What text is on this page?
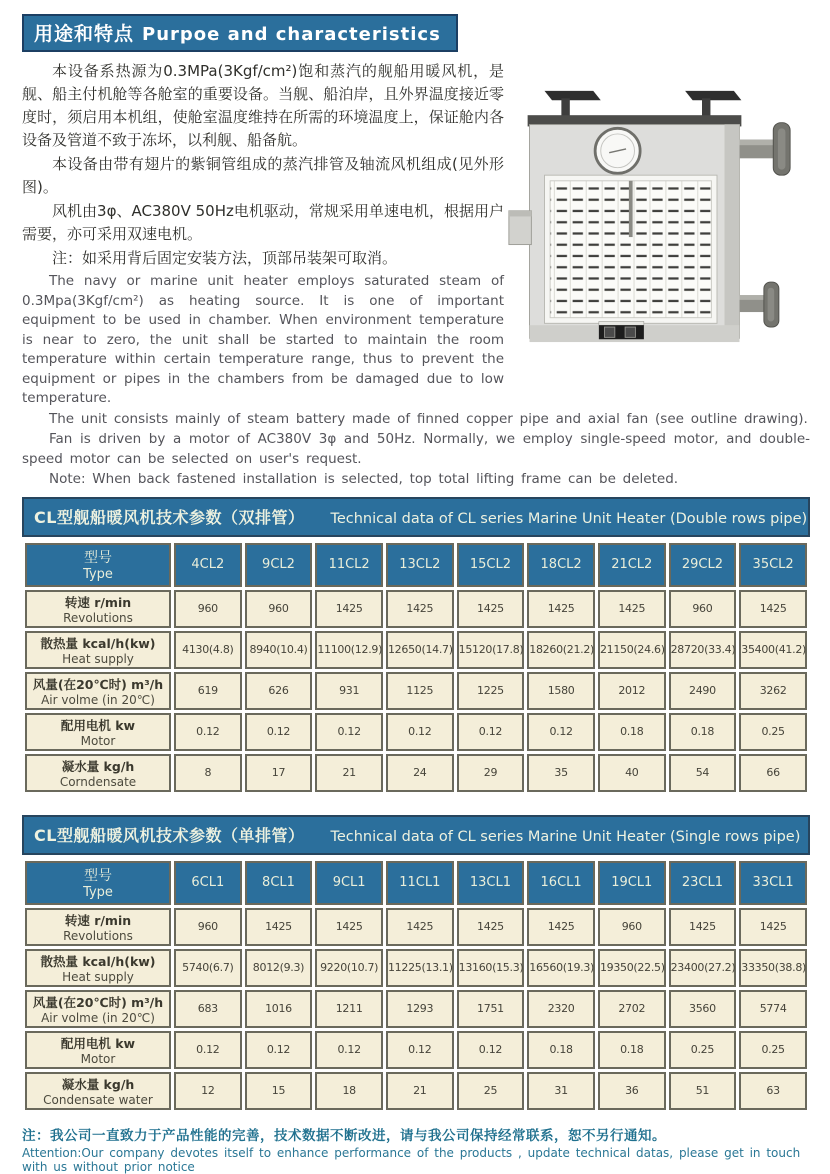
用途和特点 Purpoe and characteristics

本设备系热源为0.3MPa(3Kgf/cm²)饱和蒸汽的舰船用暖风机，是舰、船主付机舱等各舱室的重要设备。当舰、船泊岸，且外界温度接近零度时，须启用本机组，使舱室温度维持在所需的环境温度上，保证舱内各设备及管道不致于冻坏，以利舰、船备航。

本设备由带有翅片的紫铜管组成的蒸汽排管及轴流风机组成(见外形图)。

风机由3φ、AC380V 50Hz电机驱动，常规采用单速电机，根据用户需要，亦可采用双速电机。

注：如采用背后固定安装方法，顶部吊装架可取消。

The navy or marine unit heater employs saturated steam of 0.3Mpa(3Kgf/cm²) as heating source. It is one of important equipment to be used in chamber. When environment temperature is near to zero, the unit shall be started to maintain the room temperature within certain temperature range, thus to prevent the equipment or pipes in the chambers from be damaged due to low temperature.

The unit consists mainly of steam battery made of finned copper pipe and axial fan (see outline drawing).

Fan is driven by a motor of AC380V 3φ and 50Hz. Normally, we employ single-speed motor, and double-speed motor can be selected on user's request.

Note: When back fastened installation is selected, top total lifting frame can be deleted.

CL型舰船暖风机技术参数（双排管） Technical data of CL series Marine Unit Heater (Double rows pipe)
型号
Type	4CL2	9CL2	11CL2	13CL2	15CL2	18CL2	21CL2	29CL2	35CL2

转速 r/min
Revolutions	960	960	1425	1425	1425	1425	1425	960	1425

散热量 kcal/h(kw)
Heat supply	4130(4.8)	8940(10.4)	11100(12.9)	12650(14.7)	15120(17.8)	18260(21.2)	21150(24.6)	28720(33.4)	35400(41.2)

风量(在20℃时) m³/h
Air volme (in 20℃)	619	626	931	1125	1225	1580	2012	2490	3262

配用电机 kw
Motor	0.12	0.12	0.12	0.12	0.12	0.12	0.18	0.18	0.25

凝水量 kg/h
Corndensate	8	17	21	24	29	35	40	54	66
CL型舰船暖风机技术参数（单排管） Technical data of CL series Marine Unit Heater (Single rows pipe)
型号
Type	6CL1	8CL1	9CL1	11CL1	13CL1	16CL1	19CL1	23CL1	33CL1

转速 r/min
Revolutions	960	1425	1425	1425	1425	1425	960	1425	1425

散热量 kcal/h(kw)
Heat supply	5740(6.7)	8012(9.3)	9220(10.7)	11225(13.1)	13160(15.3)	16560(19.3)	19350(22.5)	23400(27.2)	33350(38.8)

风量(在20℃时) m³/h
Air volme (in 20℃)	683	1016	1211	1293	1751	2320	2702	3560	5774

配用电机 kw
Motor	0.12	0.12	0.12	0.12	0.12	0.18	0.18	0.25	0.25

凝水量 kg/h
Condensate water	12	15	18	21	25	31	36	51	63
注：我公司一直致力于产品性能的完善，技术数据不断改进，请与我公司保持经常联系，恕不另行通知。
Attention:Our company devotes itself to enhance performance of the products , update technical datas, please get in touch with us without prior notice
